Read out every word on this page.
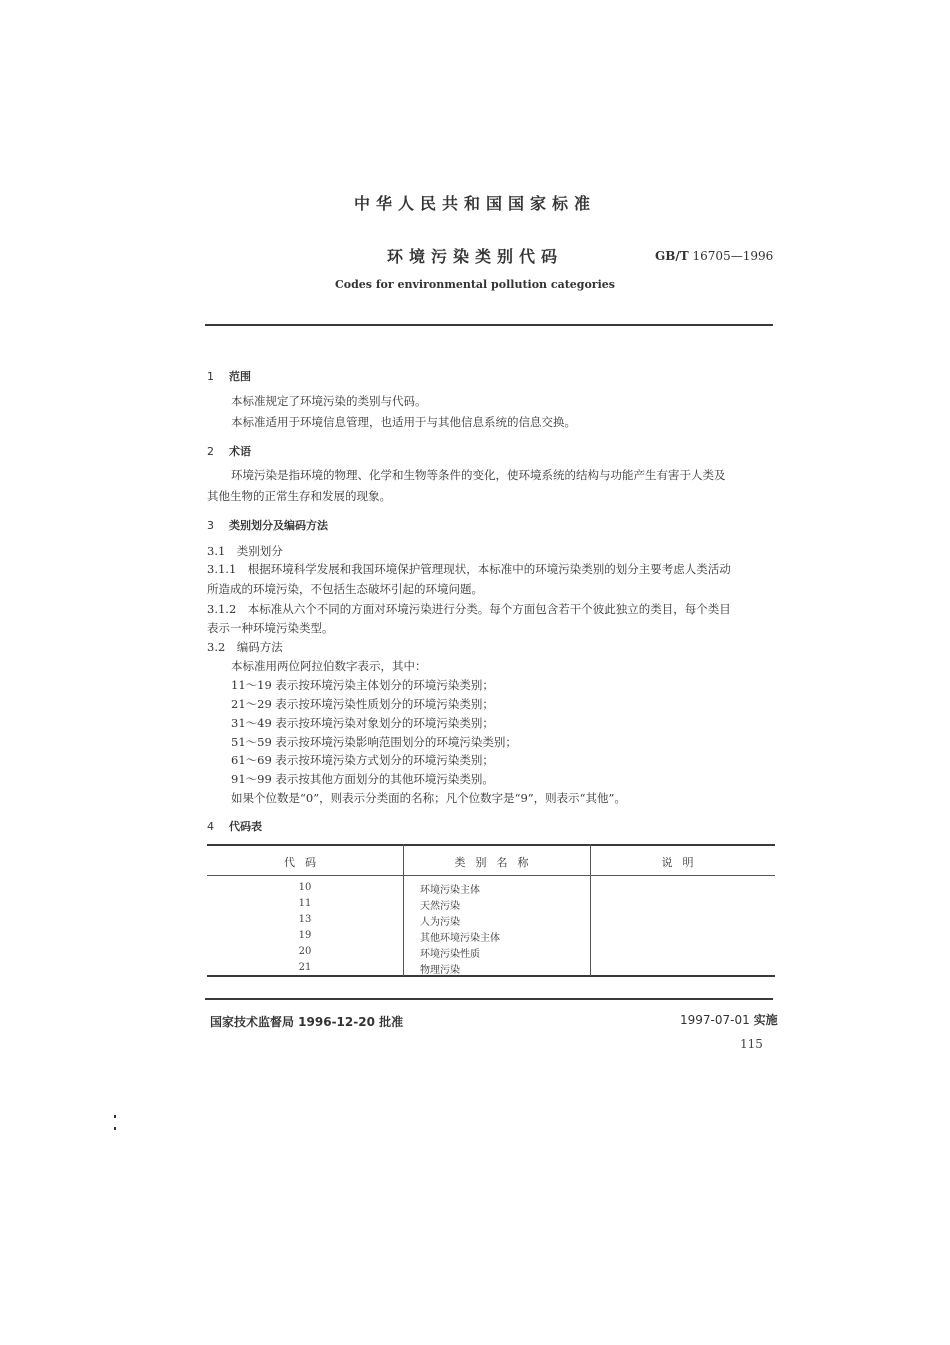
中华人民共和国国家标准
环境污染类别代码	GB/T 16705—1996
Codes for environmental pollution categories
1 范围
本标准规定了环境污染的类别与代码。
本标准适用于环境信息管理，也适用于与其他信息系统的信息交换。
2 术语
环境污染是指环境的物理、化学和生物等条件的变化，使环境系统的结构与功能产生有害于人类及
其他生物的正常生存和发展的现象。
3 类别划分及编码方法
3.1　类别划分
3.1.1　根据环境科学发展和我国环境保护管理现状，本标准中的环境污染类别的划分主要考虑人类活动
所造成的环境污染，不包括生态破坏引起的环境问题。
3.1.2　本标准从六个不同的方面对环境污染进行分类。每个方面包含若干个彼此独立的类目，每个类目
表示一种环境污染类型。
3.2　编码方法
本标准用两位阿拉伯数字表示，其中：
11～19 表示按环境污染主体划分的环境污染类别；
21～29 表示按环境污染性质划分的环境污染类别；
31～49 表示按环境污染对象划分的环境污染类别；
51～59 表示按环境污染影响范围划分的环境污染类别；
61～69 表示按环境污染方式划分的环境污染类别；
91～99 表示按其他方面划分的其他环境污染类别。
如果个位数是“0”，则表示分类面的名称；凡个位数字是“9”，则表示“其他”。
4 代码表
代码	类别名称	说明
10	环境污染主体
11	天然污染
13	人为污染
19	其他环境污染主体
20	环境污染性质
21	物理污染
国家技术监督局 1996-12-20 批准	1997-07-01 实施
115
